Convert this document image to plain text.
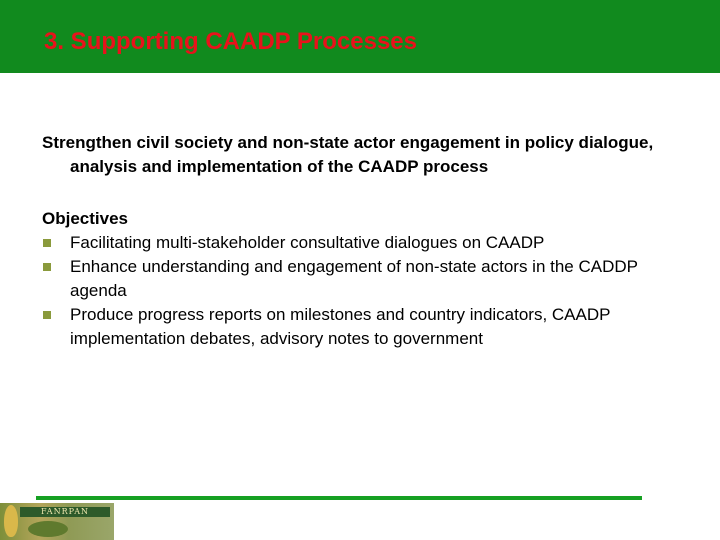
3. Supporting CAADP Processes

Strengthen civil society and non-state actor engagement in policy dialogue, analysis and implementation of the CAADP process

Objectives

Facilitating multi-stakeholder consultative dialogues on CAADP
Enhance understanding and engagement of non-state actors in the CADDP agenda
Produce progress reports on milestones and country indicators, CAADP implementation debates, advisory notes to government
FANRPAN
